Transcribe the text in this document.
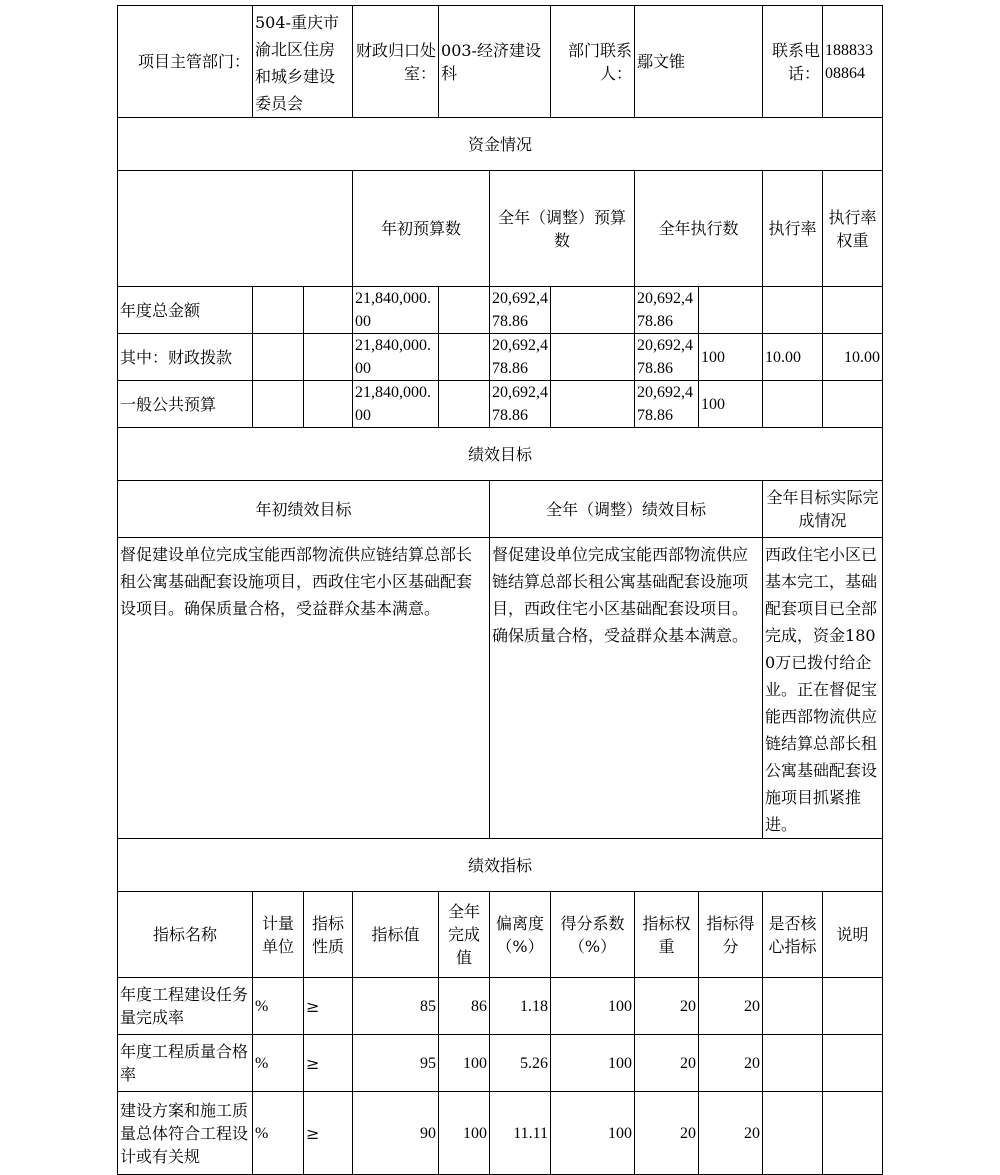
项目主管部门：	504-重庆市渝北区住房和城乡建设委员会		财政归口处室：	003-经济建设科		部门联系人：	鄢文锥		联系电话：	18883308864	
资金情况											
			年初预算数		全年（调整）预算数		全年执行数		执行率	执行率权重	
年度总金额			21,840,000.00		20,692,478.86		20,692,478.86				
其中：财政拨款			21,840,000.00		20,692,478.86		20,692,478.86	100	10.00	10.00	
一般公共预算			21,840,000.00		20,692,478.86		20,692,478.86	100			
绩效目标											
年初绩效目标					全年（调整）绩效目标				全年目标实际完成情况		
督促建设单位完成宝能西部物流供应链结算总部长租公寓基础配套设施项目，西政住宅小区基础配套设项目。确保质量合格，受益群众基本满意。					督促建设单位完成宝能西部物流供应链结算总部长租公寓基础配套设施项目，西政住宅小区基础配套设项目。确保质量合格，受益群众基本满意。				西政住宅小区已基本完工，基础配套项目已全部完成，资金1800万已拨付给企业。正在督促宝能西部物流供应链结算总部长租公寓基础配套设施项目抓紧推进。		
绩效指标											
指标名称	计量单位	指标性质	指标值	全年完成值	偏离度（%）	得分系数（%）	指标权重	指标得分	是否核心指标	说明	
年度工程建设任务量完成率	%	≥	85	86	1.18	100	20	20			
年度工程质量合格率	%	≥	95	100	5.26	100	20	20			
建设方案和施工质量总体符合工程设计或有关规	%	≥	90	100	11.11	100	20	20			
